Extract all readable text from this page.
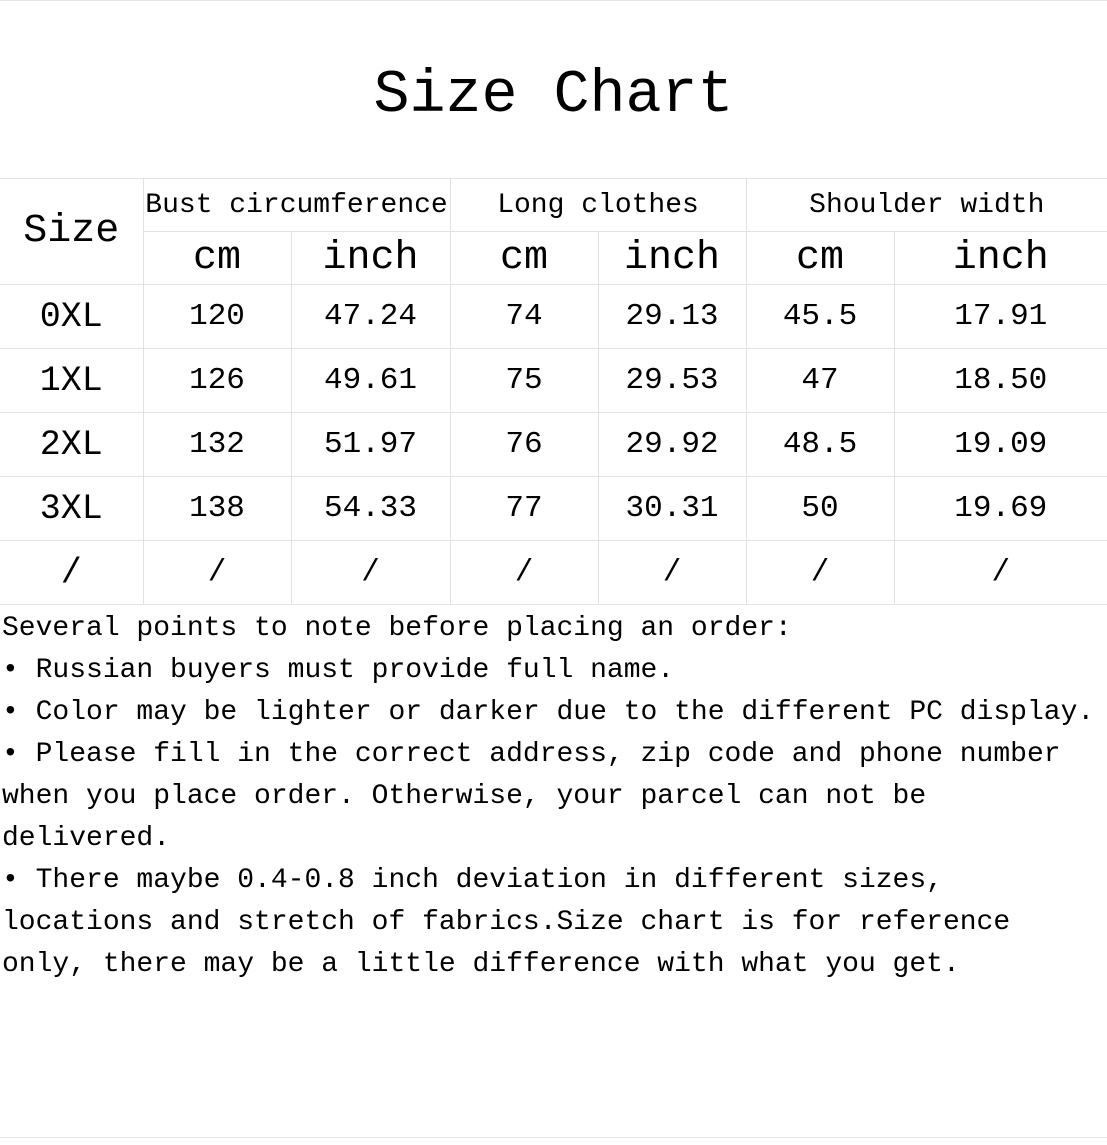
Size Chart
Size	Bust circumference		Long clothes		Shoulder width	
	cm	inch	cm	inch	cm	inch
0XL	120	47.24	74	29.13	45.5	17.91
1XL	126	49.61	75	29.53	47	18.50
2XL	132	51.97	76	29.92	48.5	19.09
3XL	138	54.33	77	30.31	50	19.69
/	/	/	/	/	/	/

Several points to note before placing an order:

• Russian buyers must provide full name.

• Color may be lighter or darker due to the different PC display.

• Please fill in the correct address, zip code and phone number when you place order. Otherwise, your parcel can not be delivered.

• There maybe 0.4-0.8 inch deviation in different sizes, locations and stretch of fabrics.Size chart is for reference only, there may be a little difference with what you get.
